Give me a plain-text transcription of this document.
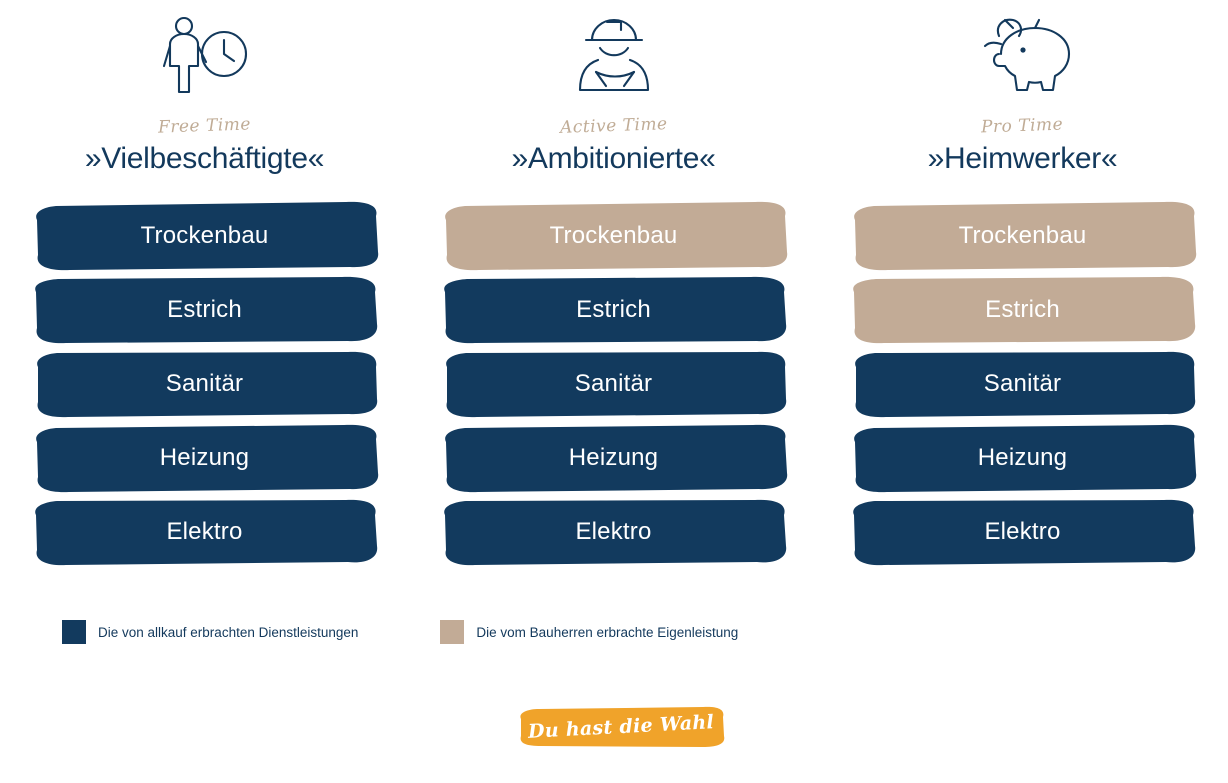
Free Time
»Vielbeschäftigte«
Trockenbau
Estrich
Sanitär
Heizung
Elektro
Active Time
»Ambitionierte«
Trockenbau
Estrich
Sanitär
Heizung
Elektro
Pro Time
»Heimwerker«
Trockenbau
Estrich
Sanitär
Heizung
Elektro
Die von allkauf erbrachten Dienstleistungen	Die vom Bauherren erbrachte Eigenleistung
Du hast die Wahl
